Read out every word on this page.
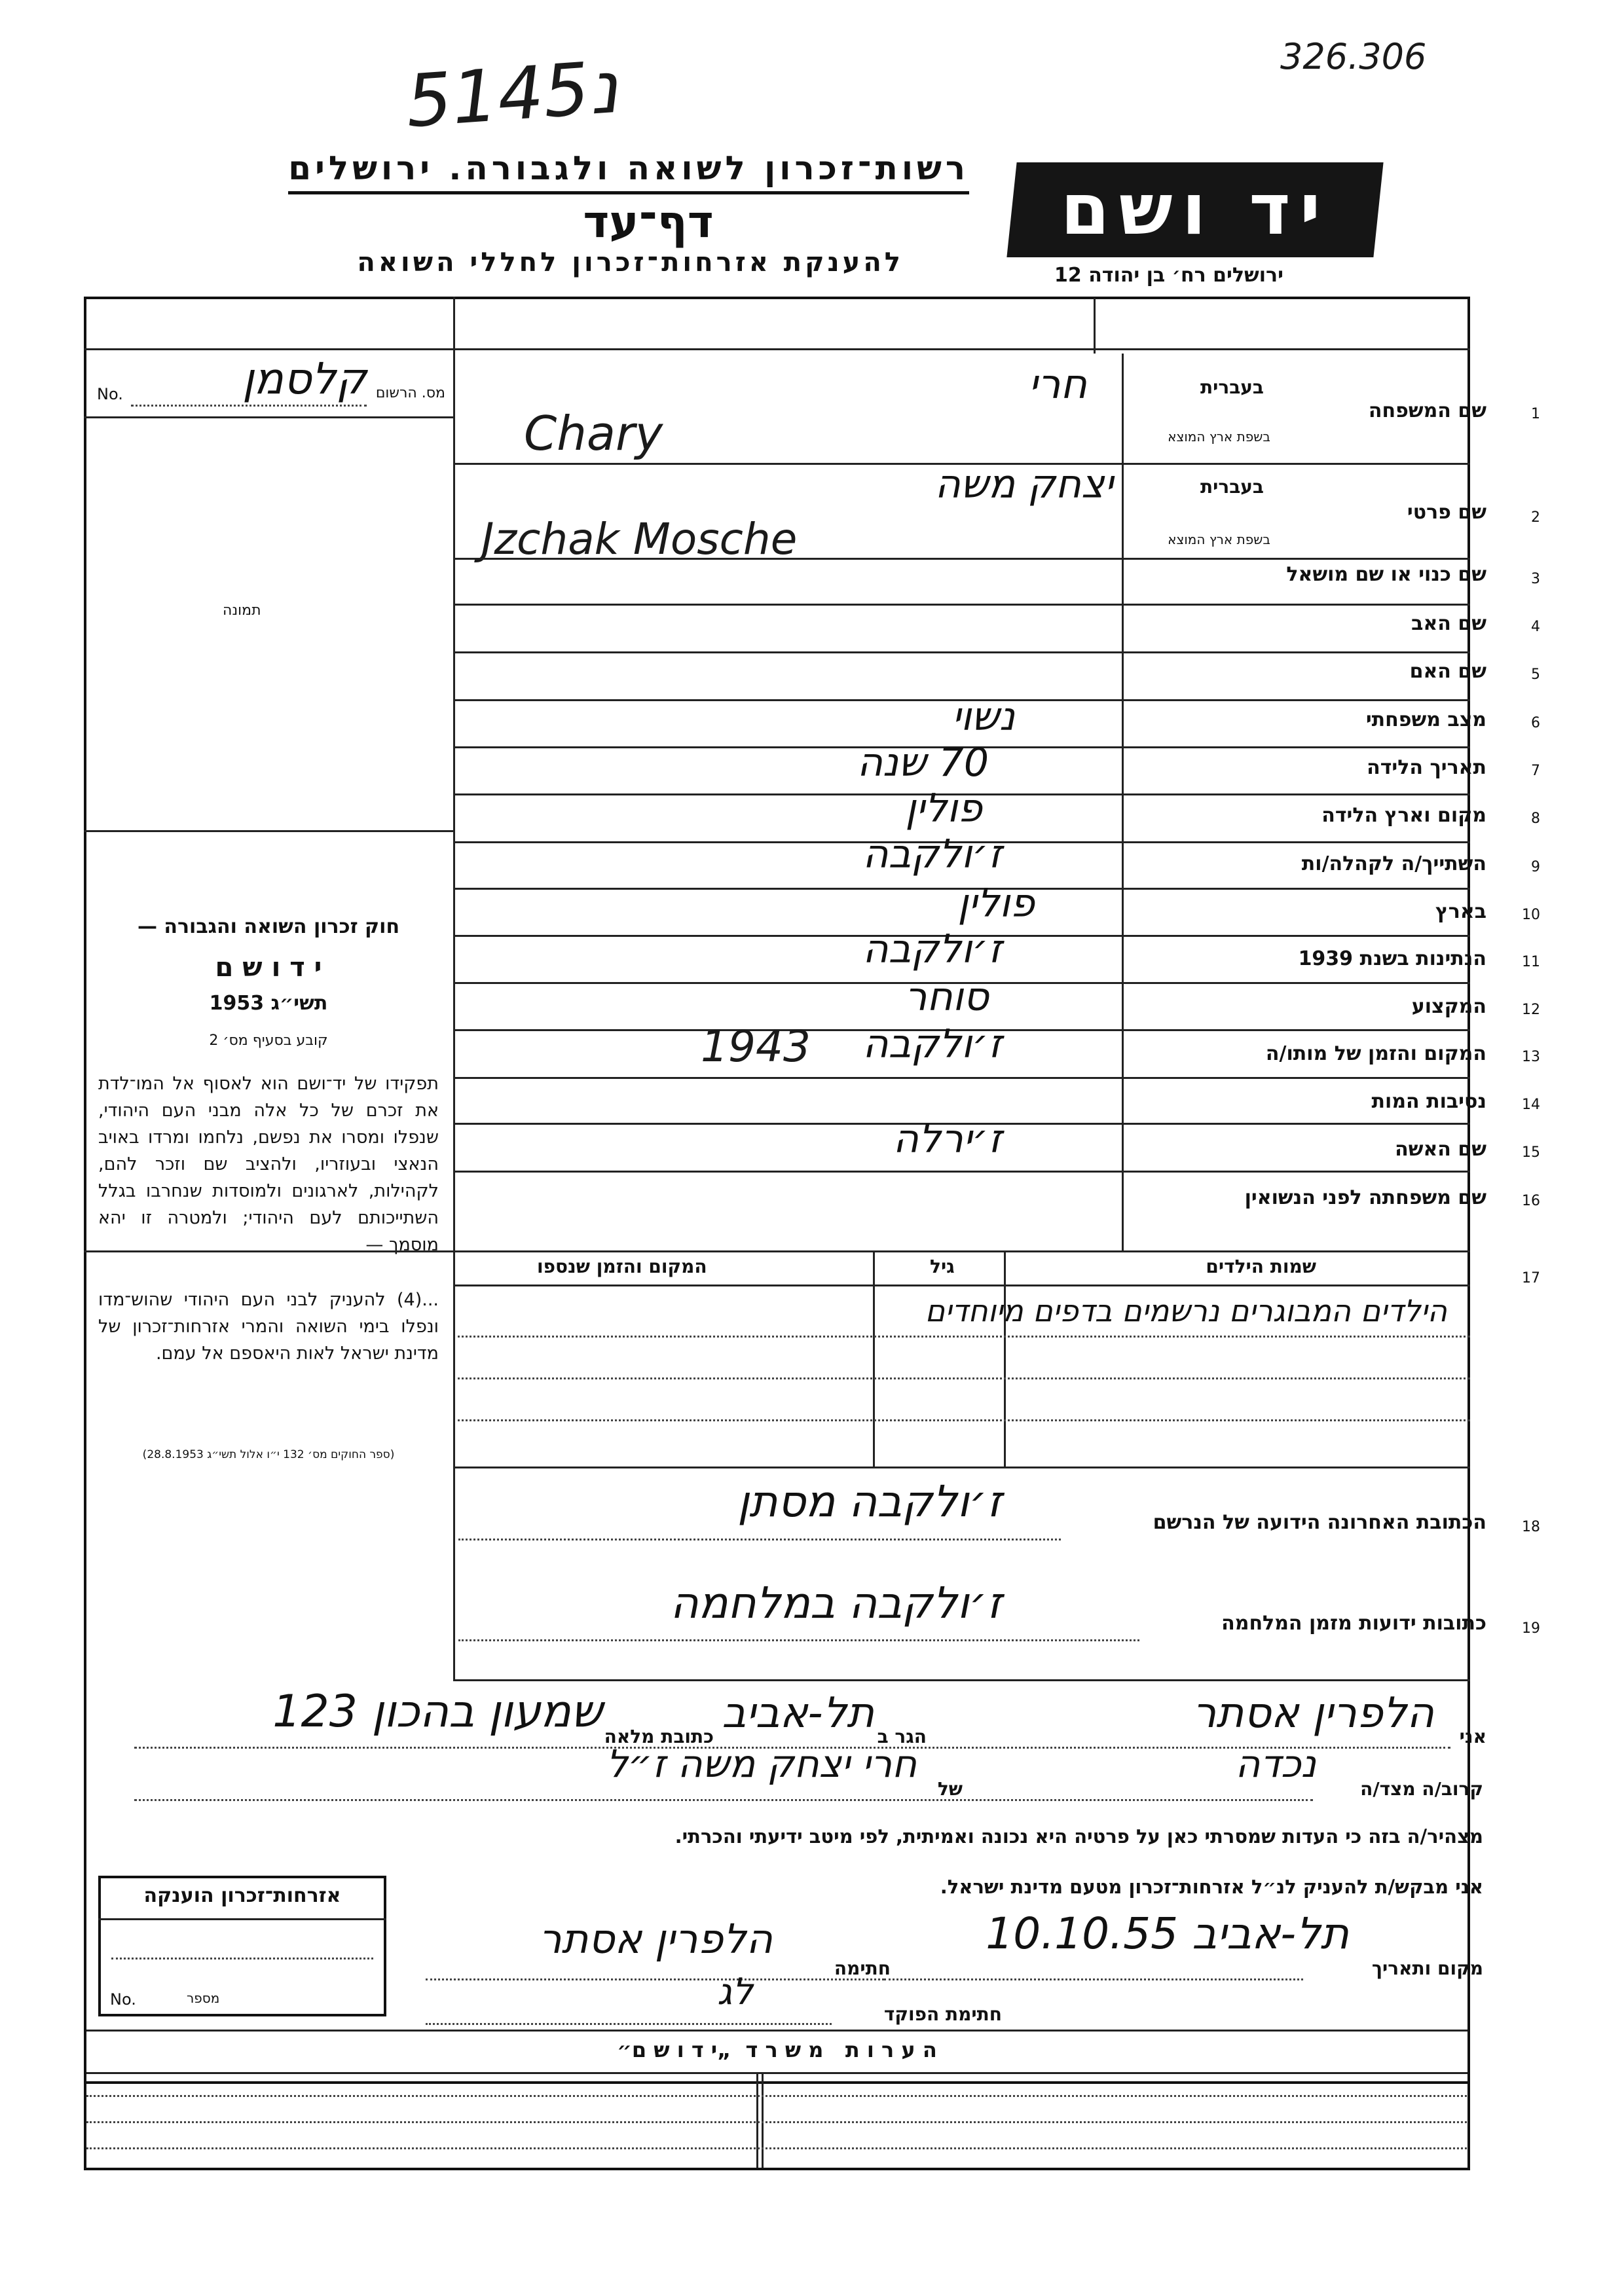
5נ145	326.306
רשות־זכרון לשואה ולגבורה. ירושלים
דף־עד
להענקת אזרחות־זכרון לחללי השואה
יד ושם
ירושלים רח׳ בן יהודה 12
מס. הרשום
No.	קלסמן
תמונה
חוק זכרון השואה והגבורה —
י ד ו ש ם
תשי״ג 1953
קובע בסעיף מס׳ 2
תפקידו של יד־ושם הוא לאסוף אל המו־לדת את זכרם של כל אלה מבני העם היהודי, שנפלו ומסרו את נפשם, נלחמו ומרדו באויב הנאצי ובעוזריו, ולהציב שם וזכר להם, לקהילות, לארגונים ולמוסדות שנחרבו בגלל השתייכותם לעם היהודי; ולמטרה זו יהא מוסמך —
...(4) להעניק לבני העם היהודי שהוש־מדו ונפלו בימי השואה והמרי אזרחות־זכרון של מדינת ישראל לאות היאספם אל עמם.
(ספר החוקים מס׳ 132 י״ו אלול תשי״ג 28.8.1953)
1
שם המשפחה
בעברית
בשפת ארץ המוצא
חרי
Chary
2
שם פרטי
בעברית
בשפת ארץ המוצא
יצחק משה
Jzchak Mosche
3
שם כנוי או שם מושאל
4
שם האב
5
שם האם
6
מצב משפחתי
נשוי
7
תאריך הלידה
70 שנה
8
מקום וארץ הלידה
פולין
9
השתייך/ה לקהלה/ות
ז׳ולקבה
10
בארץ
פולין
11
הנתינות בשנת 1939
ז׳ולקבה
12
המקצוע
סוחר
13
המקום והזמן של מותו/ה
ז׳ולקבה
1943
14
נסיבות המות
15
שם האשה
ז׳ירלה
16
שם משפחתה לפני הנשואין
17
שמות הילדים
גיל
המקום והזמן שנספו
הילדים המבוגרים נרשמים בדפים מיוחדים
18
הכתובת האחרונה הידועה של הנרשם
ז׳ולקבה מסתן
19
כתובות ידועות מזמן המלחמה
ז׳ולקבה במלחמה
אני
הלפרין אסתר
הגר ב
תל-אביב
כתובת מלאה
שמעון בהכון 123
קרוב/ה מצד/ה
נכדה
של
חרי יצחק משה ז״ל
מצהיר/ה בזה כי העדות שמסרתי כאן על פרטיה היא נכונה ואמיתית, לפי מיטב ידיעתי והכרתי.
אני מבקש/ת להעניק לנ״ל אזרחות־זכרון מטעם מדינת ישראל.
מקום ותאריך
תל-אביב 10.10.55
חתימה
הלפרין אסתר
חתימת הפוקד
לג
אזרחות־זכרון הוענקה
No.	מספר
ה ע ר ו ת   מ ש ר ד  „י ד ו ש ם״
